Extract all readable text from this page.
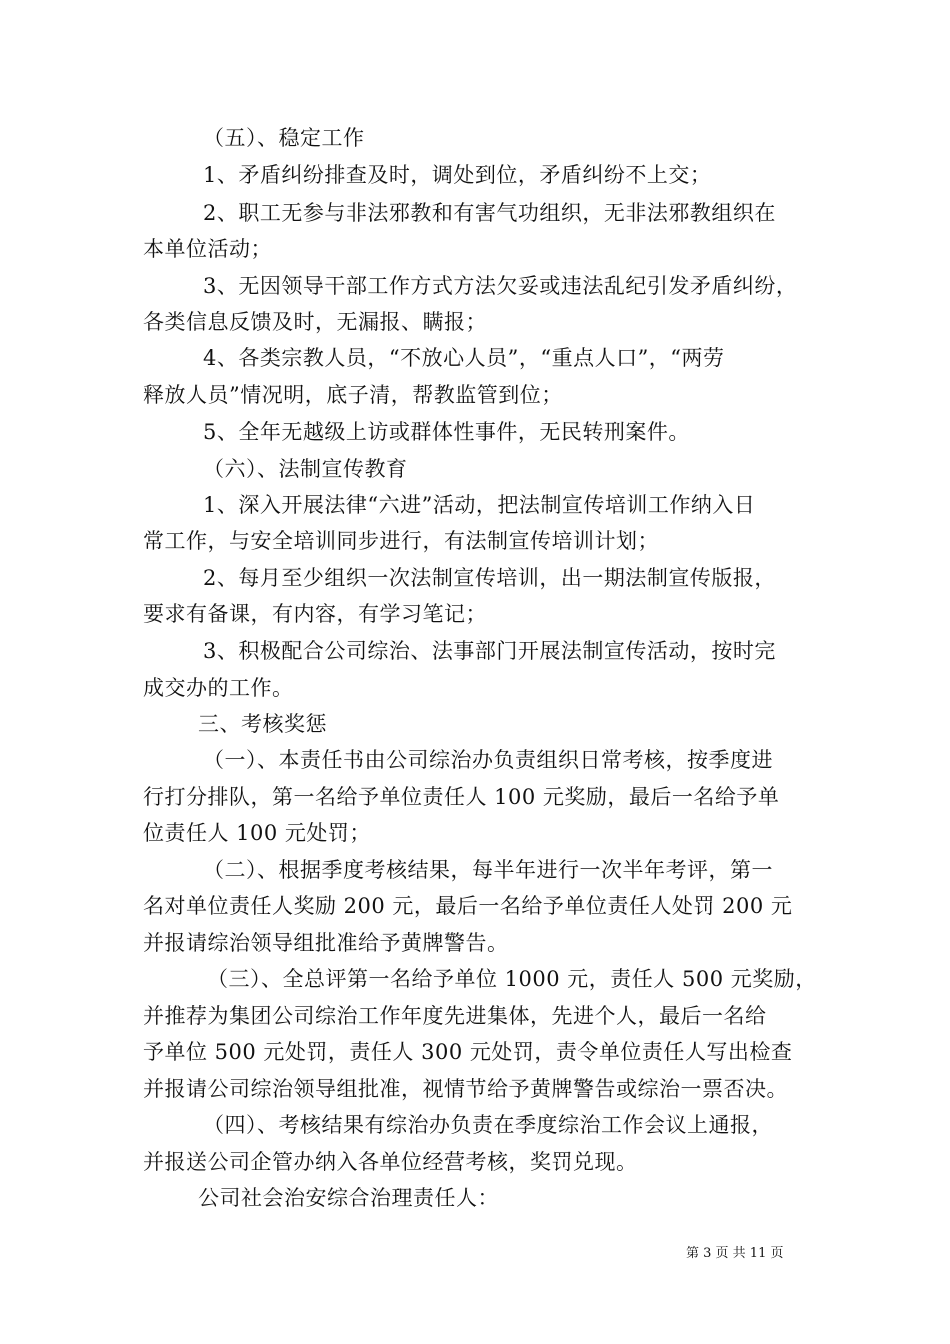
（五）、稳定工作
1、矛盾纠纷排查及时，调处到位，矛盾纠纷不上交；
2、职工无参与非法邪教和有害气功组织，无非法邪教组织在
本单位活动；
3、无因领导干部工作方式方法欠妥或违法乱纪引发矛盾纠纷，
各类信息反馈及时，无漏报、瞒报；
4、各类宗教人员，“不放心人员”，“重点人口”，“两劳
释放人员”情况明，底子清，帮教监管到位；
5、全年无越级上访或群体性事件，无民转刑案件。
（六）、法制宣传教育
1、深入开展法律“六进”活动，把法制宣传培训工作纳入日
常工作，与安全培训同步进行，有法制宣传培训计划；
2、每月至少组织一次法制宣传培训，出一期法制宣传版报，
要求有备课，有内容，有学习笔记；
3、积极配合公司综治、法事部门开展法制宣传活动，按时完
成交办的工作。
三、考核奖惩
（一）、本责任书由公司综治办负责组织日常考核，按季度进
行打分排队，第一名给予单位责任人 100 元奖励，最后一名给予单
位责任人 100 元处罚；
（二）、根据季度考核结果，每半年进行一次半年考评，第一
名对单位责任人奖励 200 元，最后一名给予单位责任人处罚 200 元
并报请综治领导组批准给予黄牌警告。
（三）、全总评第一名给予单位 1000 元，责任人 500 元奖励，
并推荐为集团公司综治工作年度先进集体，先进个人，最后一名给
予单位 500 元处罚，责任人 300 元处罚，责令单位责任人写出检查
并报请公司综治领导组批准，视情节给予黄牌警告或综治一票否决。
（四）、考核结果有综治办负责在季度综治工作会议上通报，
并报送公司企管办纳入各单位经营考核，奖罚兑现。
公司社会治安综合治理责任人：
第 3 页 共 11 页
